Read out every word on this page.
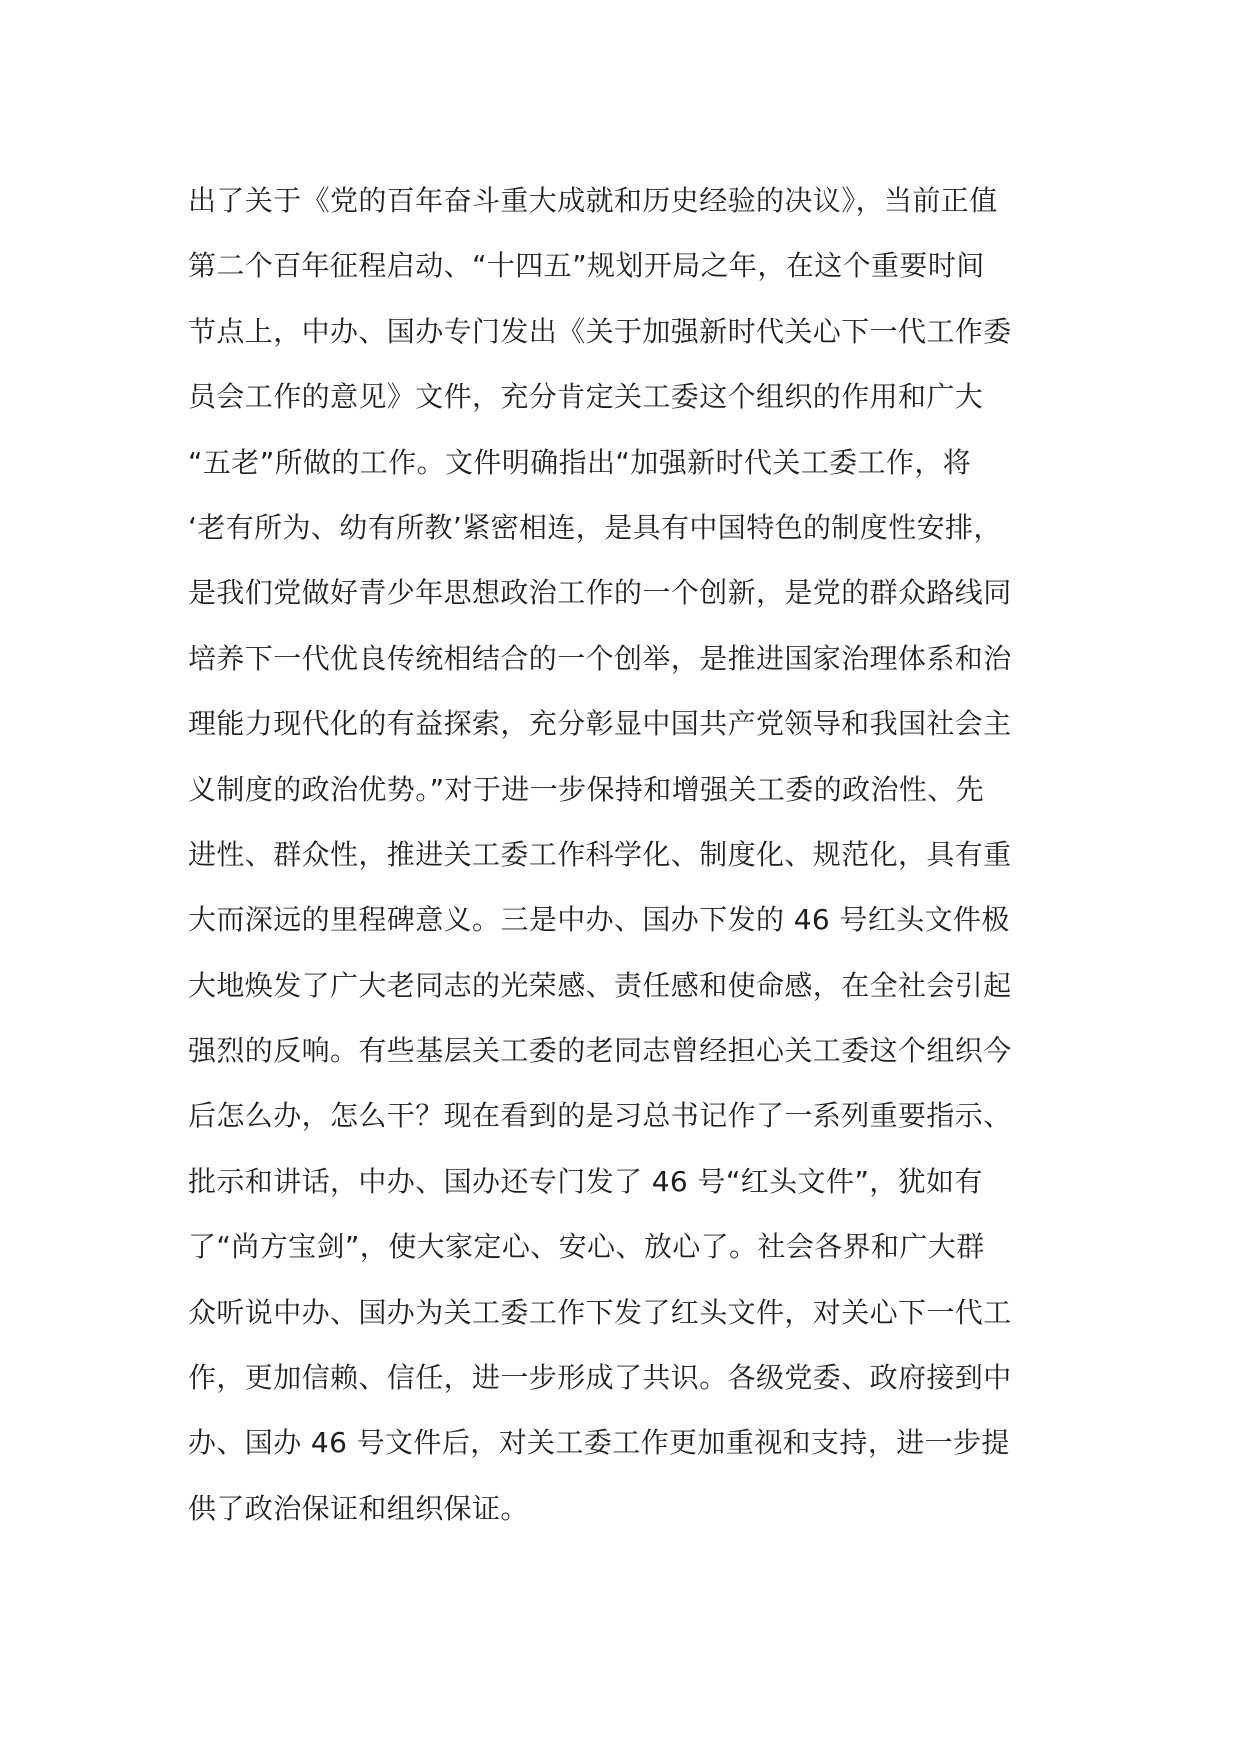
出了关于《党的百年奋斗重大成就和历史经验的决议》，当前正值
第二个百年征程启动、“十四五”规划开局之年，在这个重要时间
节点上，中办、国办专门发出《关于加强新时代关心下一代工作委
员会工作的意见》文件，充分肯定关工委这个组织的作用和广大
“五老”所做的工作。文件明确指出“加强新时代关工委工作，将
‘老有所为、幼有所教’紧密相连，是具有中国特色的制度性安排，
是我们党做好青少年思想政治工作的一个创新，是党的群众路线同
培养下一代优良传统相结合的一个创举，是推进国家治理体系和治
理能力现代化的有益探索，充分彰显中国共产党领导和我国社会主
义制度的政治优势。”对于进一步保持和增强关工委的政治性、先
进性、群众性，推进关工委工作科学化、制度化、规范化，具有重
大而深远的里程碑意义。三是中办、国办下发的 46 号红头文件极
大地焕发了广大老同志的光荣感、责任感和使命感，在全社会引起
强烈的反响。有些基层关工委的老同志曾经担心关工委这个组织今
后怎么办，怎么干？现在看到的是习总书记作了一系列重要指示、
批示和讲话，中办、国办还专门发了 46 号“红头文件”，犹如有
了“尚方宝剑”，使大家定心、安心、放心了。社会各界和广大群
众听说中办、国办为关工委工作下发了红头文件，对关心下一代工
作，更加信赖、信任，进一步形成了共识。各级党委、政府接到中
办、国办 46 号文件后，对关工委工作更加重视和支持，进一步提
供了政治保证和组织保证。
